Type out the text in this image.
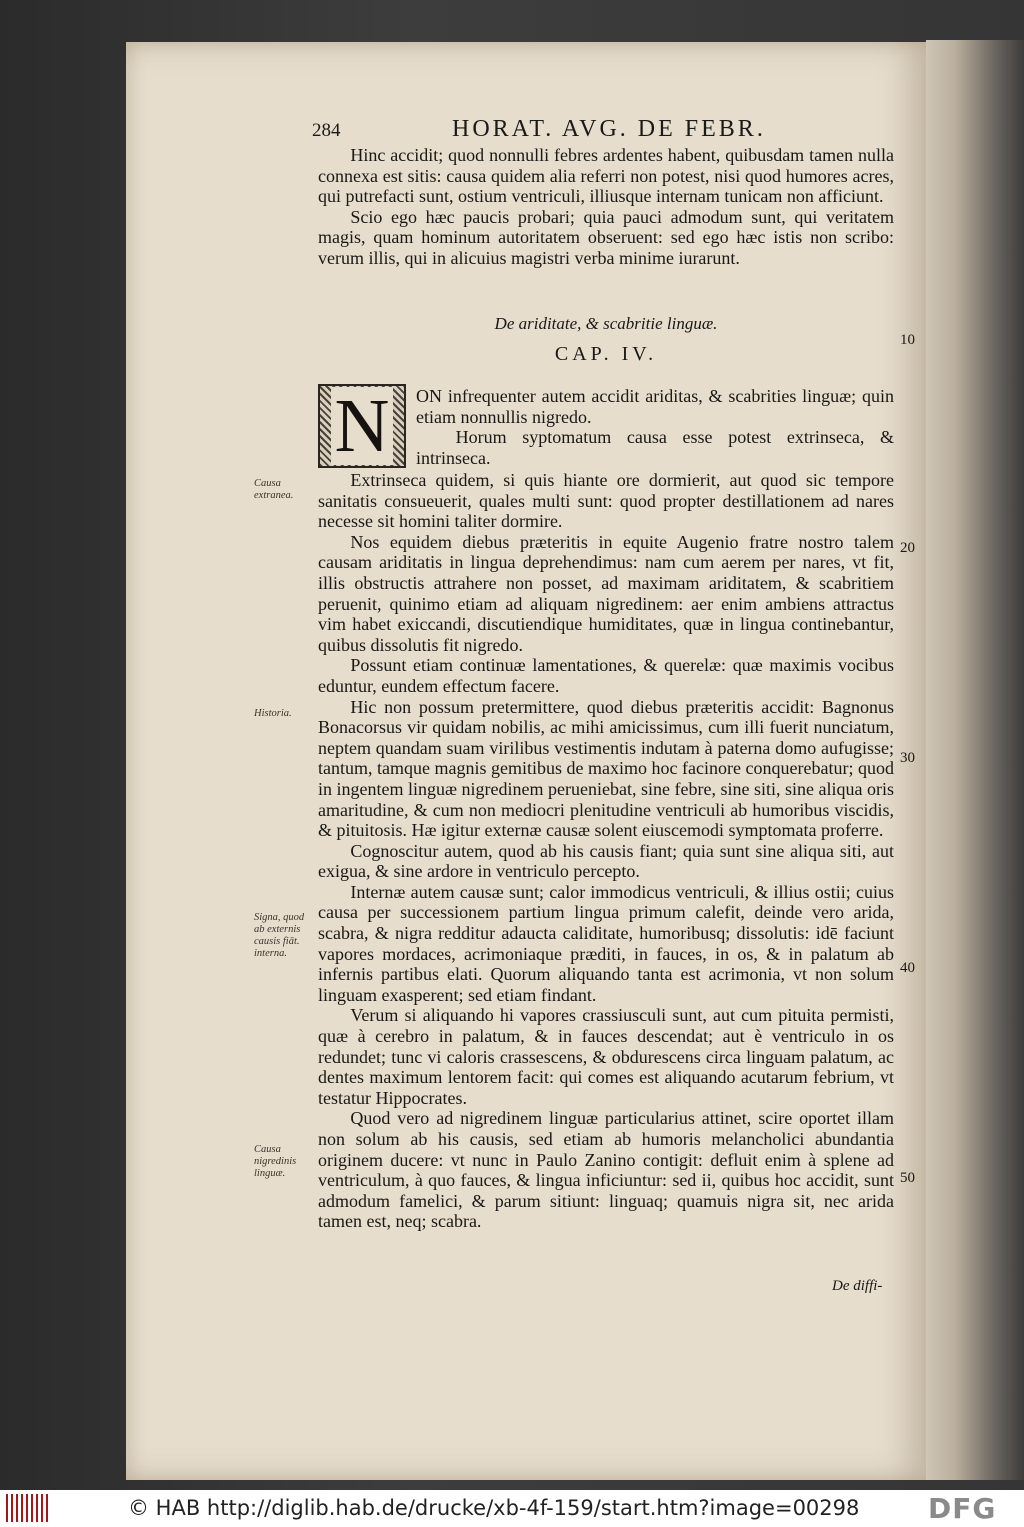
284	HORAT. AVG. DE FEBR.

Hinc accidit; quod nonnulli febres ardentes habent, quibusdam tamen nulla connexa est sitis: causa quidem alia referri non potest, nisi quod humores acres, qui putrefacti sunt, ostium ventriculi, illiusque internam tunicam non afficiunt.

Scio ego hæc paucis probari; quia pauci admodum sunt, qui veritatem magis, quam hominum autoritatem obseruent: sed ego hæc istis non scribo: verum illis, qui in alicuius magistri verba minime iurarunt.

De ariditate, & scabritie linguæ.
CAP. IV.
N ON infrequenter autem accidit ariditas, & scabrities linguæ; quin etiam nonnullis nigredo.

Horum syptomatum causa esse potest extrinseca, & intrinseca.

Extrinseca quidem, si quis hiante ore dormierit, aut quod sic tempore sanitatis consueuerit, quales multi sunt: quod propter destillationem ad nares necesse sit homini taliter dormire.

Nos equidem diebus præteritis in equite Augenio fratre nostro talem causam ariditatis in lingua deprehendimus: nam cum aerem per nares, vt fit, illis obstructis attrahere non posset, ad maximam ariditatem, & scabritiem peruenit, quinimo etiam ad aliquam nigredinem: aer enim ambiens attractus vim habet exiccandi, discutiendique humiditates, quæ in lingua continebantur, quibus dissolutis fit nigredo.

Possunt etiam continuæ lamentationes, & querelæ: quæ maximis vocibus eduntur, eundem effectum facere.

Hic non possum pretermittere, quod diebus præteritis accidit: Bagnonus Bonacorsus vir quidam nobilis, ac mihi amicissimus, cum illi fuerit nunciatum, neptem quandam suam virilibus vestimentis indutam à paterna domo aufugisse; tantum, tamque magnis gemitibus de maximo hoc facinore conquerebatur; quod in ingentem linguæ nigredinem perueniebat, sine febre, sine siti, sine aliqua oris amaritudine, & cum non mediocri plenitudine ventriculi ab humoribus viscidis, & pituitosis. Hæ igitur externæ causæ solent eiuscemodi symptomata proferre.

Cognoscitur autem, quod ab his causis fiant; quia sunt sine aliqua siti, aut exigua, & sine ardore in ventriculo percepto.

Internæ autem causæ sunt; calor immodicus ventriculi, & illius ostii; cuius causa per successionem partium lingua primum calefit, deinde vero arida, scabra, & nigra redditur adaucta caliditate, humoribusq; dissolutis: idē faciunt vapores mordaces, acrimoniaque præditi, in fauces, in os, & in palatum ab infernis partibus elati. Quorum aliquando tanta est acrimonia, vt non solum linguam exasperent; sed etiam findant.

Verum si aliquando hi vapores crassiusculi sunt, aut cum pituita permisti, quæ à cerebro in palatum, & in fauces descendat; aut è ventriculo in os redundet; tunc vi caloris crassescens, & obdurescens circa linguam palatum, ac dentes maximum lentorem facit: qui comes est aliquando acutarum febrium, vt testatur Hippocrates.

Quod vero ad nigredinem linguæ particularius attinet, scire oportet illam non solum ab his causis, sed etiam ab humoris melancholici abundantia originem ducere: vt nunc in Paulo Zanino contigit: defluit enim à splene ad ventriculum, à quo fauces, & lingua inficiuntur: sed ii, quibus hoc accidit, sunt admodum famelici, & parum sitiunt: linguaq; quamuis nigra sit, nec arida tamen est, neq; scabra.

Causa extranea.
Historia.
Signa, quod ab externis causis fiāt. interna.
Causa nigredinis linguæ.
10
20
30
40
50
De diffi-
© HAB http://diglib.hab.de/drucke/xb-4f-159/start.htm?image=00298 DFG
